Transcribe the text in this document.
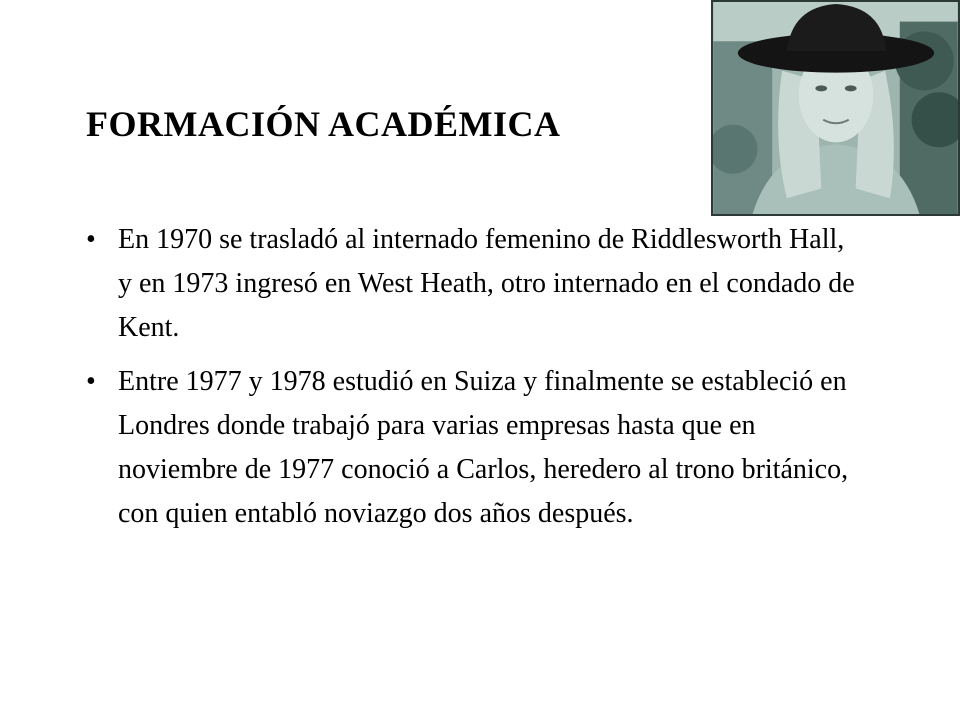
FORMACIÓN ACADÉMICA
• En 1970 se trasladó al internado femenino de Riddlesworth Hall, y en 1973 ingresó en West Heath, otro internado en el condado de Kent.
• Entre 1977 y 1978 estudió en Suiza y finalmente se estableció en Londres donde trabajó para varias empresas hasta que en noviembre de 1977 conoció a Carlos, heredero al trono británico, con quien entabló noviazgo dos años después.
